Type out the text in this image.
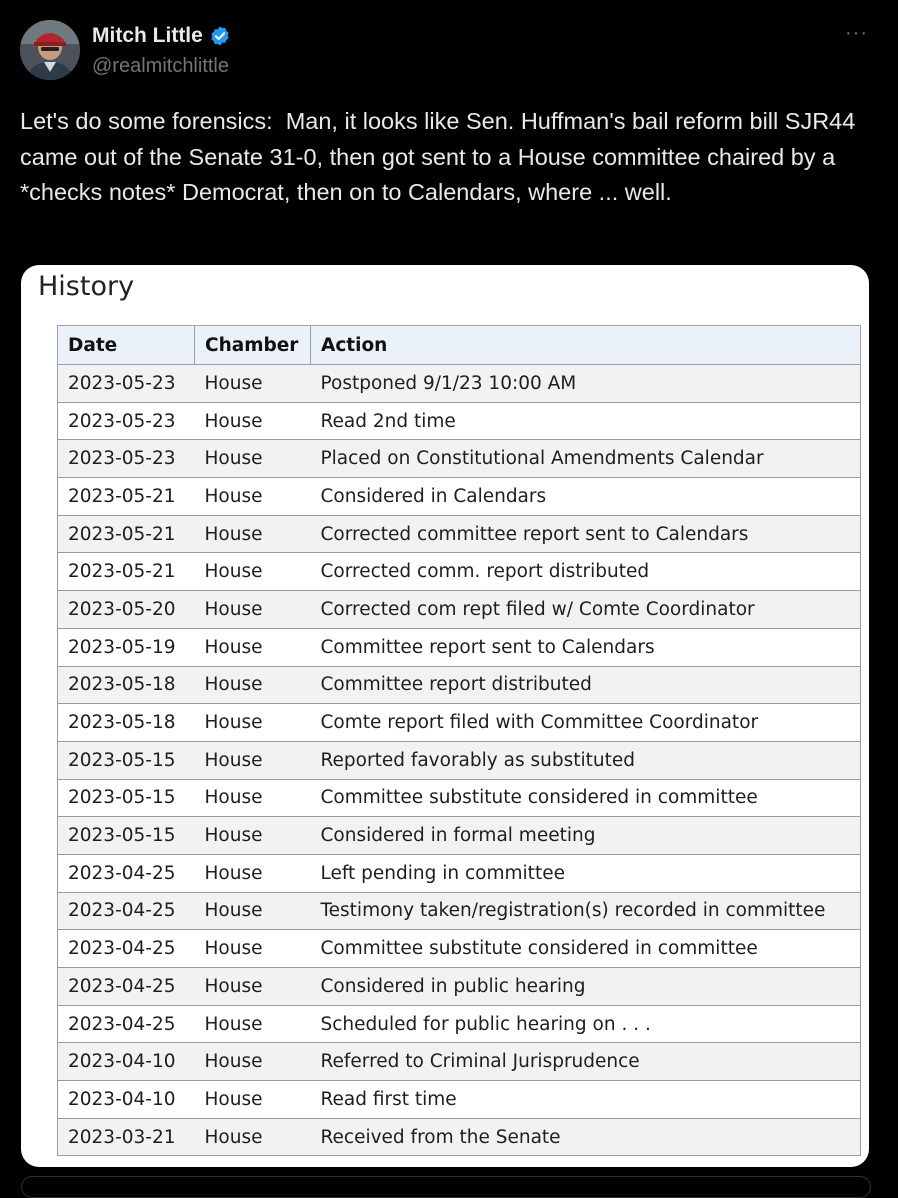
Mitch Little
@realmitchlittle
···
Let's do some forensics:  Man, it looks like Sen. Huffman's bail reform bill SJR44 came out of the Senate 31-0, then got sent to a House committee chaired by a *checks notes* Democrat, then on to Calendars, where ... well.
History
Date	Chamber	Action
2023-05-23	House	Postponed 9/1/23 10:00 AM
2023-05-23	House	Read 2nd time
2023-05-23	House	Placed on Constitutional Amendments Calendar
2023-05-21	House	Considered in Calendars
2023-05-21	House	Corrected committee report sent to Calendars
2023-05-21	House	Corrected comm. report distributed
2023-05-20	House	Corrected com rept filed w/ Comte Coordinator
2023-05-19	House	Committee report sent to Calendars
2023-05-18	House	Committee report distributed
2023-05-18	House	Comte report filed with Committee Coordinator
2023-05-15	House	Reported favorably as substituted
2023-05-15	House	Committee substitute considered in committee
2023-05-15	House	Considered in formal meeting
2023-04-25	House	Left pending in committee
2023-04-25	House	Testimony taken/registration(s) recorded in committee
2023-04-25	House	Committee substitute considered in committee
2023-04-25	House	Considered in public hearing
2023-04-25	House	Scheduled for public hearing on . . .
2023-04-10	House	Referred to Criminal Jurisprudence
2023-04-10	House	Read first time
2023-03-21	House	Received from the Senate
